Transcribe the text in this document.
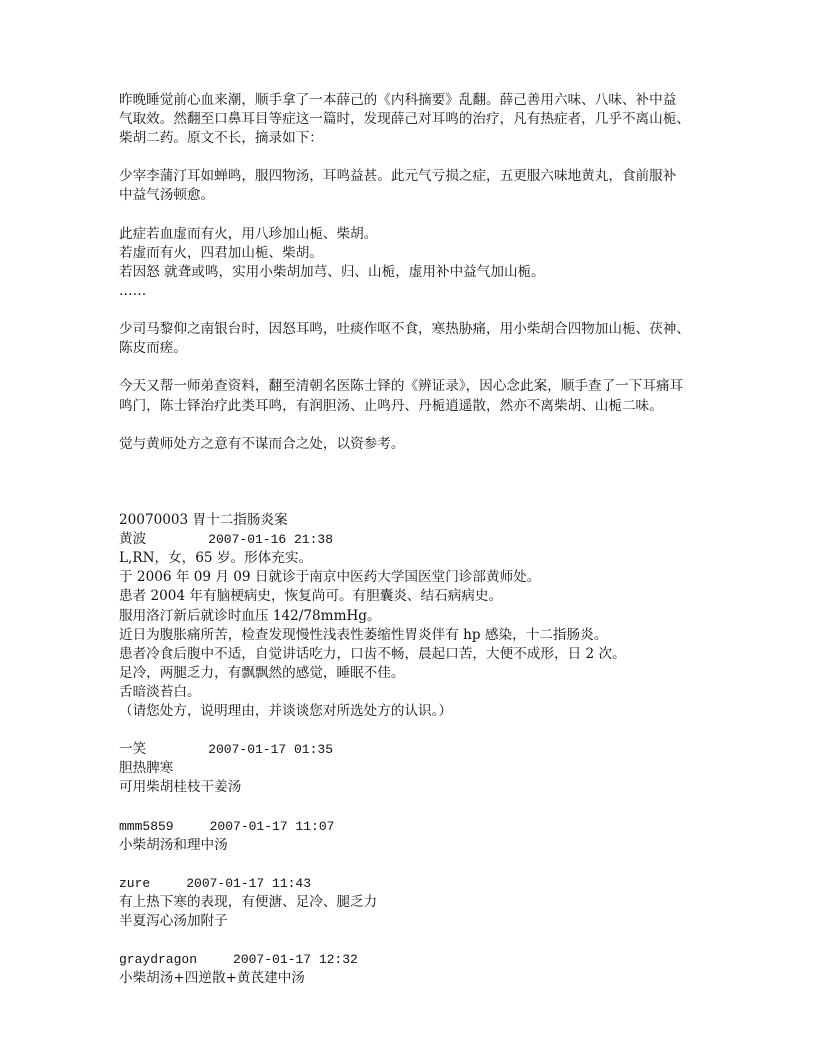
昨晚睡觉前心血来潮，顺手拿了一本薛己的《内科摘要》乱翻。薛己善用六味、八味、补中益
气取效。然翻至口鼻耳目等症这一篇时，发现薛己对耳鸣的治疗，凡有热症者，几乎不离山栀、
柴胡二药。原文不长，摘录如下：
少宰李蒲汀耳如蝉鸣，服四物汤，耳鸣益甚。此元气亏损之症，五更服六味地黄丸，食前服补
中益气汤顿愈。
此症若血虚而有火，用八珍加山栀、柴胡。
若虚而有火，四君加山栀、柴胡。
若因怒 就聋或鸣，实用小柴胡加芎、归、山栀，虚用补中益气加山栀。
……
少司马黎仰之南银台时，因怒耳鸣，吐痰作呕不食，寒热胁痛，用小柴胡合四物加山栀、茯神、
陈皮而瘥。
今天又帮一师弟查资料，翻至清朝名医陈士铎的《辨证录》，因心念此案，顺手查了一下耳痛耳
鸣门，陈士铎治疗此类耳鸣，有润胆汤、止鸣丹、丹栀逍遥散，然亦不离柴胡、山栀二味。
觉与黄师处方之意有不谋而合之处，以资参考。
20070003 胃十二指肠炎案
黄波	2007-01-16 21:38
L,RN，女，65 岁。形体充实。
于 2006 年 09 月 09 日就诊于南京中医药大学国医堂门诊部黄师处。
患者 2004 年有脑梗病史，恢复尚可。有胆囊炎、结石病病史。
服用洛汀新后就诊时血压 142/78mmHg。
近日为腹胀痛所苦，检查发现慢性浅表性萎缩性胃炎伴有 hp 感染，十二指肠炎。
患者冷食后腹中不适，自觉讲话吃力，口齿不畅，晨起口苦，大便不成形，日 2 次。
足冷，两腿乏力，有飘飘然的感觉，睡眠不佳。
舌暗淡苔白。
（请您处方，说明理由，并谈谈您对所选处方的认识。）
一笑	2007-01-17 01:35
胆热脾寒
可用柴胡桂枝干姜汤
mmm5859	2007-01-17 11:07
小柴胡汤和理中汤
zure	2007-01-17 11:43
有上热下寒的表现，有便溏、足冷、腿乏力
半夏泻心汤加附子
graydragon	2007-01-17 12:32
小柴胡汤+四逆散+黄芪建中汤
